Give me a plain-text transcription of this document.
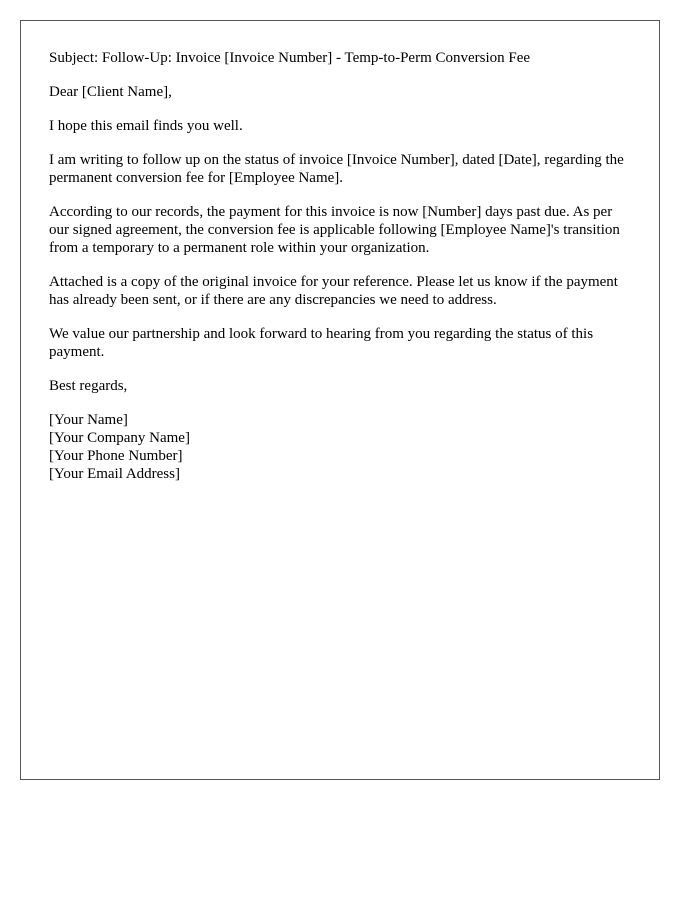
Subject: Follow-Up: Invoice [Invoice Number] - Temp-to-Perm Conversion Fee

Dear [Client Name],

I hope this email finds you well.

I am writing to follow up on the status of invoice [Invoice Number], dated [Date], regarding the permanent conversion fee for [Employee Name].

According to our records, the payment for this invoice is now [Number] days past due. As per our signed agreement, the conversion fee is applicable following [Employee Name]'s transition from a temporary to a permanent role within your organization.

Attached is a copy of the original invoice for your reference. Please let us know if the payment has already been sent, or if there are any discrepancies we need to address.

We value our partnership and look forward to hearing from you regarding the status of this payment.

Best regards,

[Your Name]
[Your Company Name]
[Your Phone Number]
[Your Email Address]
